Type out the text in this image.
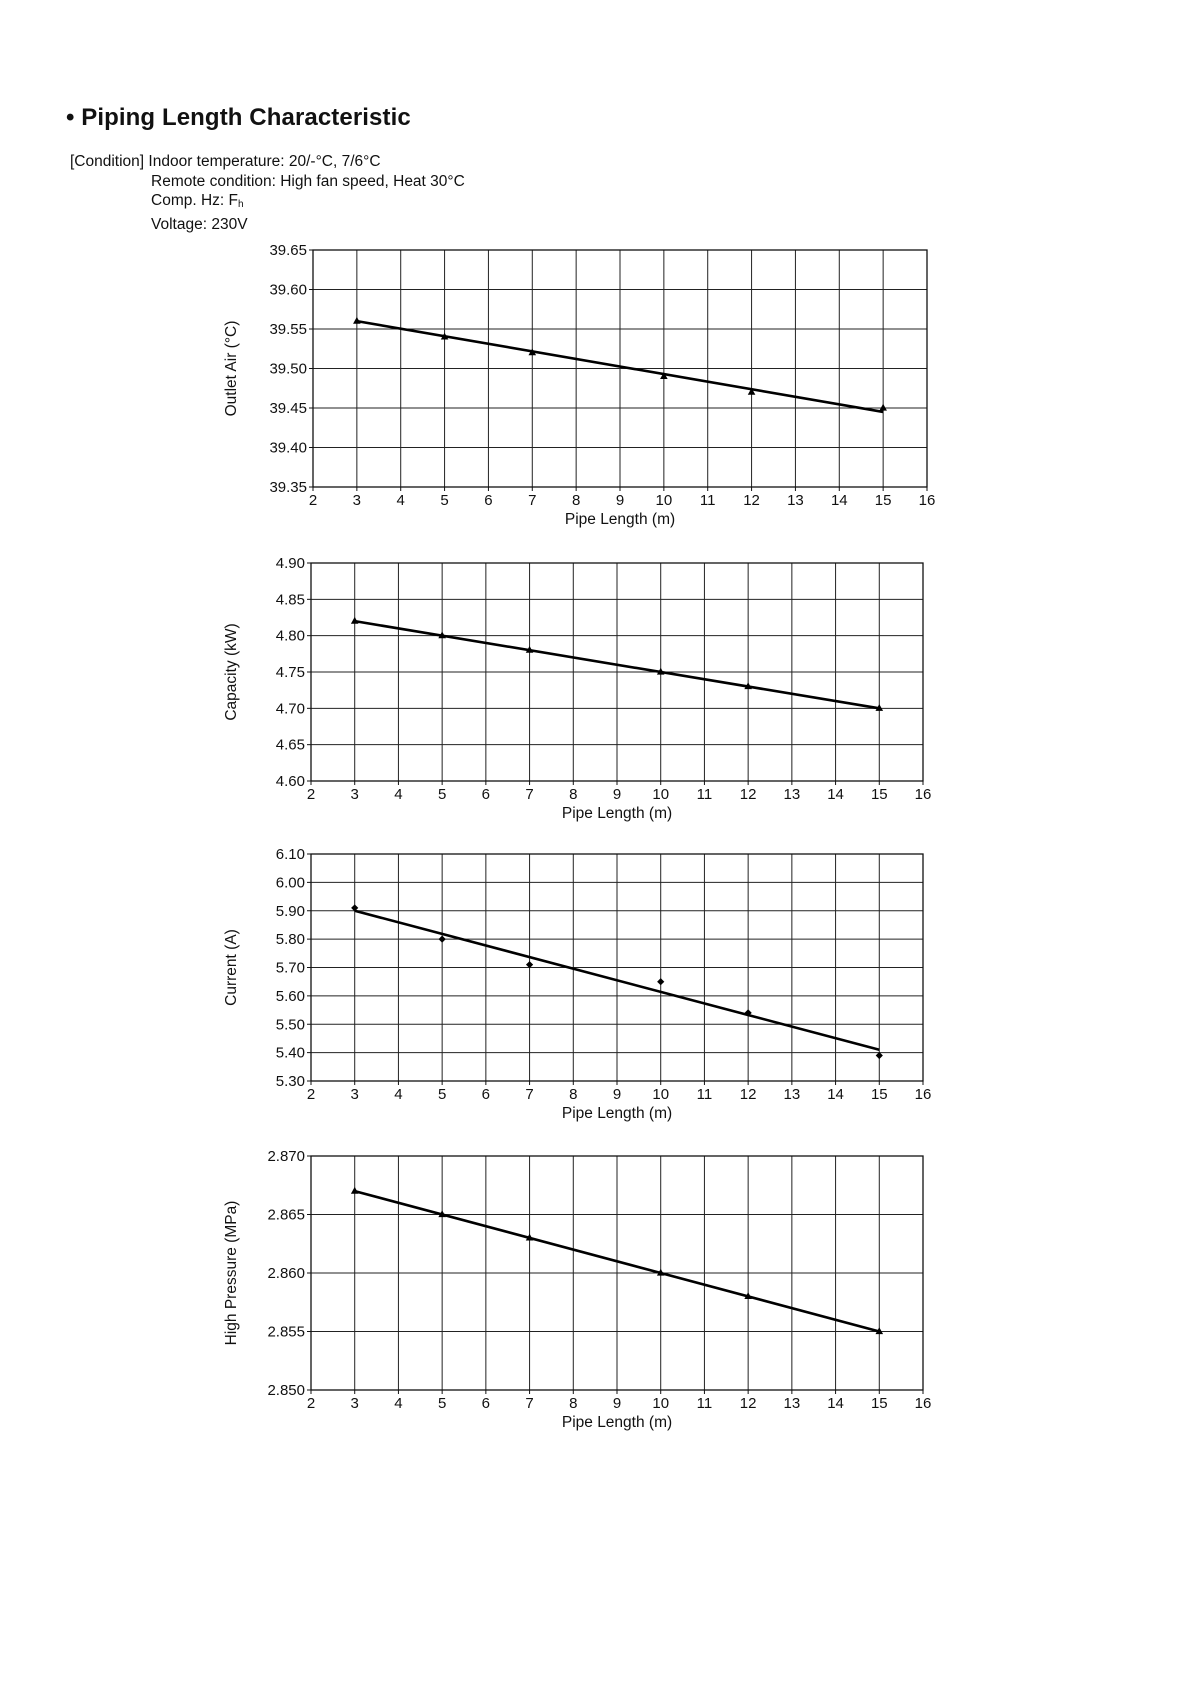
• Piping Length Characteristic
[Condition] Indoor temperature: 20/-°C, 7/6°C
Remote condition: High fan speed, Heat 30°C
Comp. Hz: $F_h$
Voltage: 230V
2 3 4 5 6 7 8 9 10 11 12 13 14 15 16
39.35
39.40
39.45
39.50
39.55
39.60
39.65
Pipe Length (m)
Outlet Air (°C)
2 3 4 5 6 7 8 9 10 11 12 13 14 15 16
4.60
4.65
4.70
4.75
4.80
4.85
4.90
Pipe Length (m)
Capacity (kW)
2 3 4 5 6 7 8 9 10 11 12 13 14 15 16
5.30
5.40
5.50
5.60
5.70
5.80
5.90
6.00
6.10
Pipe Length (m)
Current (A)
2 3 4 5 6 7 8 9 10 11 12 13 14 15 16
2.850
2.855
2.860
2.865
2.870
Pipe Length (m)
High Pressure (MPa)
